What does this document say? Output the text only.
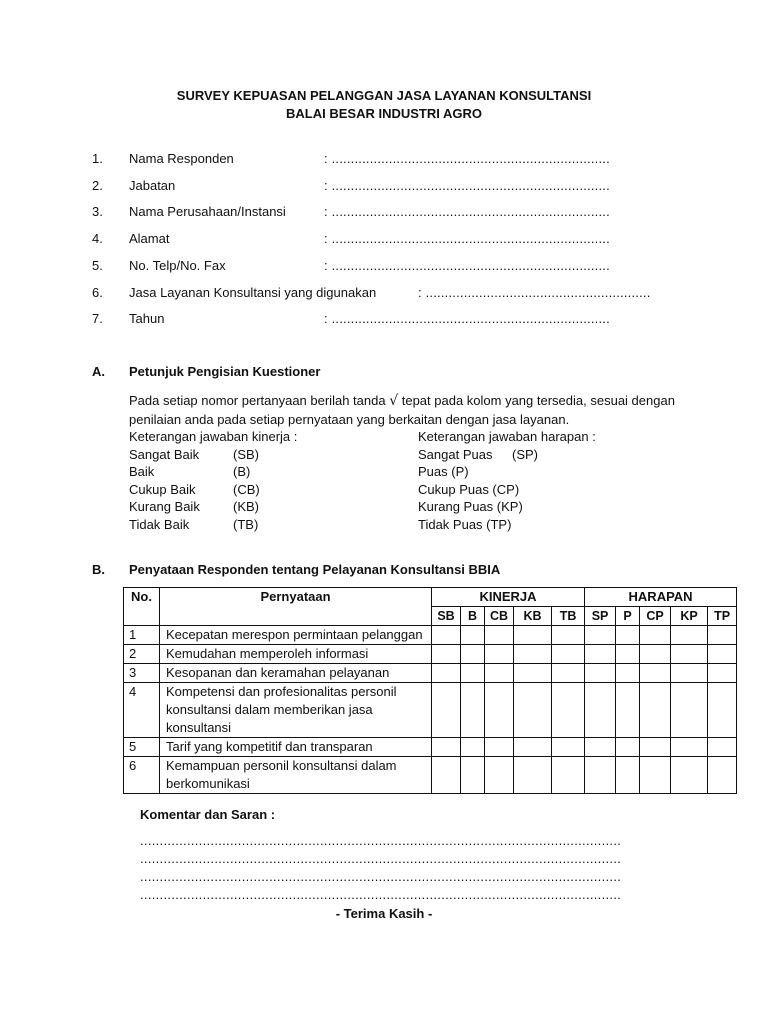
SURVEY KEPUASAN PELANGGAN JASA LAYANAN KONSULTANSI
BALAI BESAR INDUSTRI AGRO
1. Nama Responden	: .........................................................................
2. Jabatan	: .........................................................................
3. Nama Perusahaan/Instansi	: .........................................................................
4. Alamat	: .........................................................................
5. No. Telp/No. Fax	: .........................................................................
6. Jasa Layanan Konsultansi yang digunakan	: ...........................................................
7. Tahun	: .........................................................................
A. Petunjuk Pengisian Kuestioner
Pada setiap nomor pertanyaan berilah tanda √ tepat pada kolom yang tersedia, sesuai dengan penilaian anda pada setiap pernyataan yang berkaitan dengan jasa layanan.
Keterangan jawaban kinerja :
Sangat Baik	(SB)
Baik	(B)
Cukup Baik	(CB)
Kurang Baik	(KB)
Tidak Baik	(TB)
Keterangan jawaban harapan :
Sangat Puas (SP)
Puas (P)
Cukup Puas (CP)
Kurang Puas (KP)
Tidak Puas (TP)
B. Penyataan Responden tentang Pelayanan Konsultansi BBIA
No.	Pernyataan	KINERJA					HARAPAN				
		SB	B	CB	KB	TB	SP	P	CP	KP	TP
1	Kecepatan merespon permintaan pelanggan										
2	Kemudahan memperoleh informasi										
3	Kesopanan dan keramahan pelayanan										
4	Kompetensi dan profesionalitas personil konsultansi dalam memberikan jasa konsultansi										
5	Tarif yang kompetitif dan transparan										
6	Kemampuan personil konsultansi dalam berkomunikasi										
Komentar dan Saran :
...........................................................................................................................
...........................................................................................................................
...........................................................................................................................
...........................................................................................................................
- Terima Kasih -
